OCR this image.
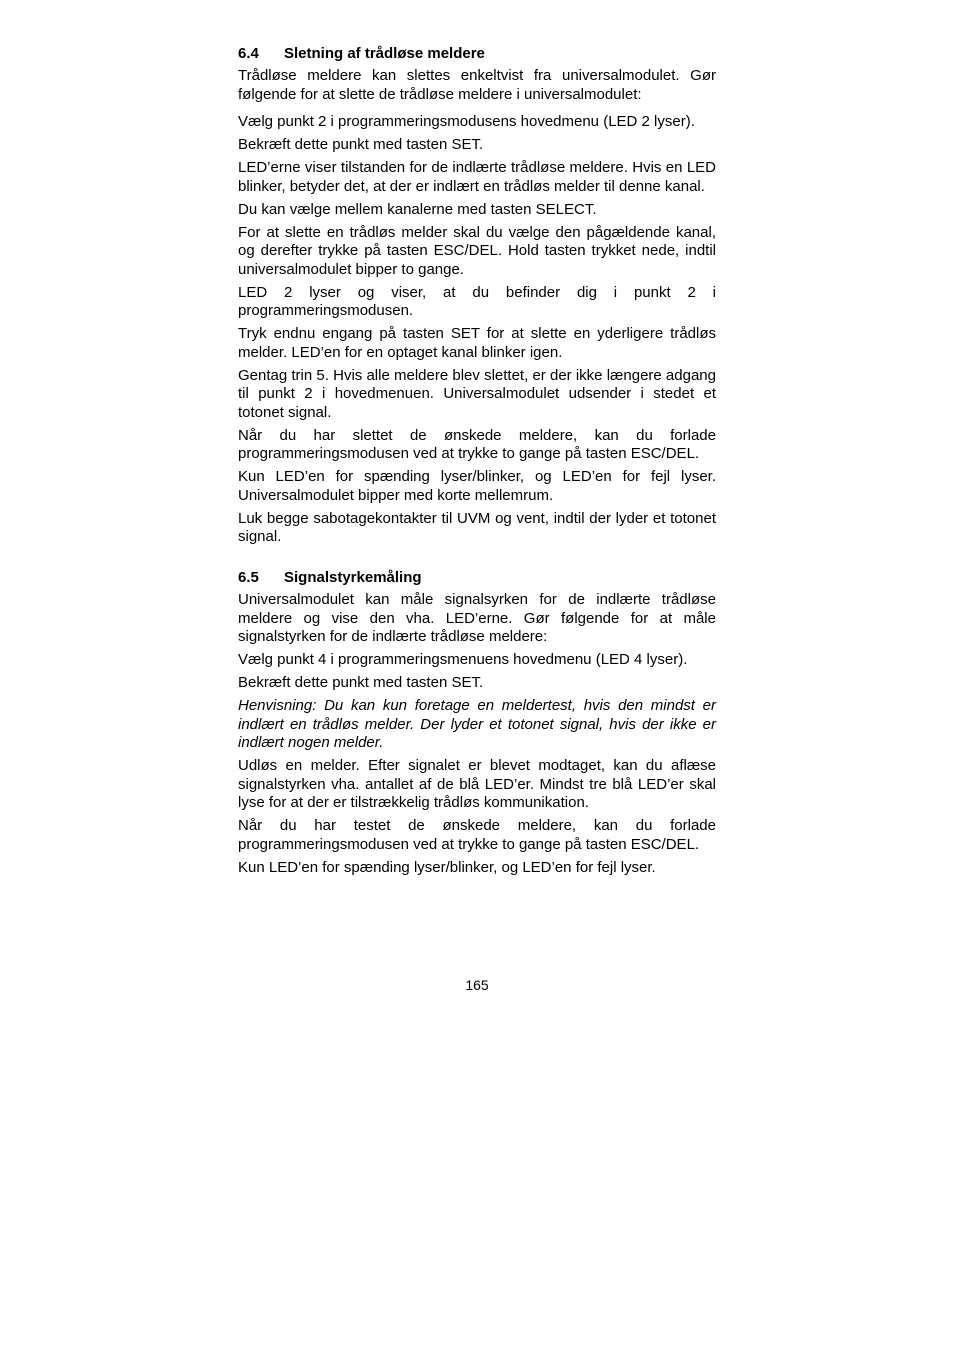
6.4	Sletning af trådløse meldere

Trådløse meldere kan slettes enkeltvist fra universalmodulet. Gør følgende for at slette de trådløse meldere i universalmodulet:

Vælg punkt 2 i programmeringsmodusens hovedmenu (LED 2 lyser).

Bekræft dette punkt med tasten SET.

LED’erne viser tilstanden for de indlærte trådløse meldere. Hvis en LED blinker, betyder det, at der er indlært en trådløs melder til denne kanal.

Du kan vælge mellem kanalerne med tasten SELECT.

For at slette en trådløs melder skal du vælge den pågældende kanal, og derefter trykke på tasten ESC/DEL. Hold tasten trykket nede, indtil universalmodulet bipper to gange.

LED 2 lyser og viser, at du befinder dig i punkt 2 i programmeringsmodusen.

Tryk endnu engang på tasten SET for at slette en yderligere trådløs melder. LED’en for en optaget kanal blinker igen.

Gentag trin 5. Hvis alle meldere blev slettet, er der ikke længere adgang til punkt 2 i hovedmenuen. Universalmodulet udsender i stedet et totonet signal.

Når du har slettet de ønskede meldere, kan du forlade programmeringsmodusen ved at trykke to gange på tasten ESC/DEL.

Kun LED’en for spænding lyser/blinker, og LED’en for fejl lyser. Universalmodulet bipper med korte mellemrum.

Luk begge sabotagekontakter til UVM og vent, indtil der lyder et totonet signal.

6.5	Signalstyrkemåling

Universalmodulet kan måle signalsyrken for de indlærte trådløse meldere og vise den vha. LED’erne. Gør følgende for at måle signalstyrken for de indlærte trådløse meldere:

Vælg punkt 4 i programmeringsmenuens hovedmenu (LED 4 lyser).

Bekræft dette punkt med tasten SET.

Henvisning: Du kan kun foretage en meldertest, hvis den mindst er indlært en trådløs melder. Der lyder et totonet signal, hvis der ikke er indlært nogen melder.

Udløs en melder. Efter signalet er blevet modtaget, kan du aflæse signalstyrken vha. antallet af de blå LED’er. Mindst tre blå LED’er skal lyse for at der er tilstrækkelig trådløs kommunikation.

Når du har testet de ønskede meldere, kan du forlade programmeringsmodusen ved at trykke to gange på tasten ESC/DEL.

Kun LED’en for spænding lyser/blinker, og LED’en for fejl lyser.

165
